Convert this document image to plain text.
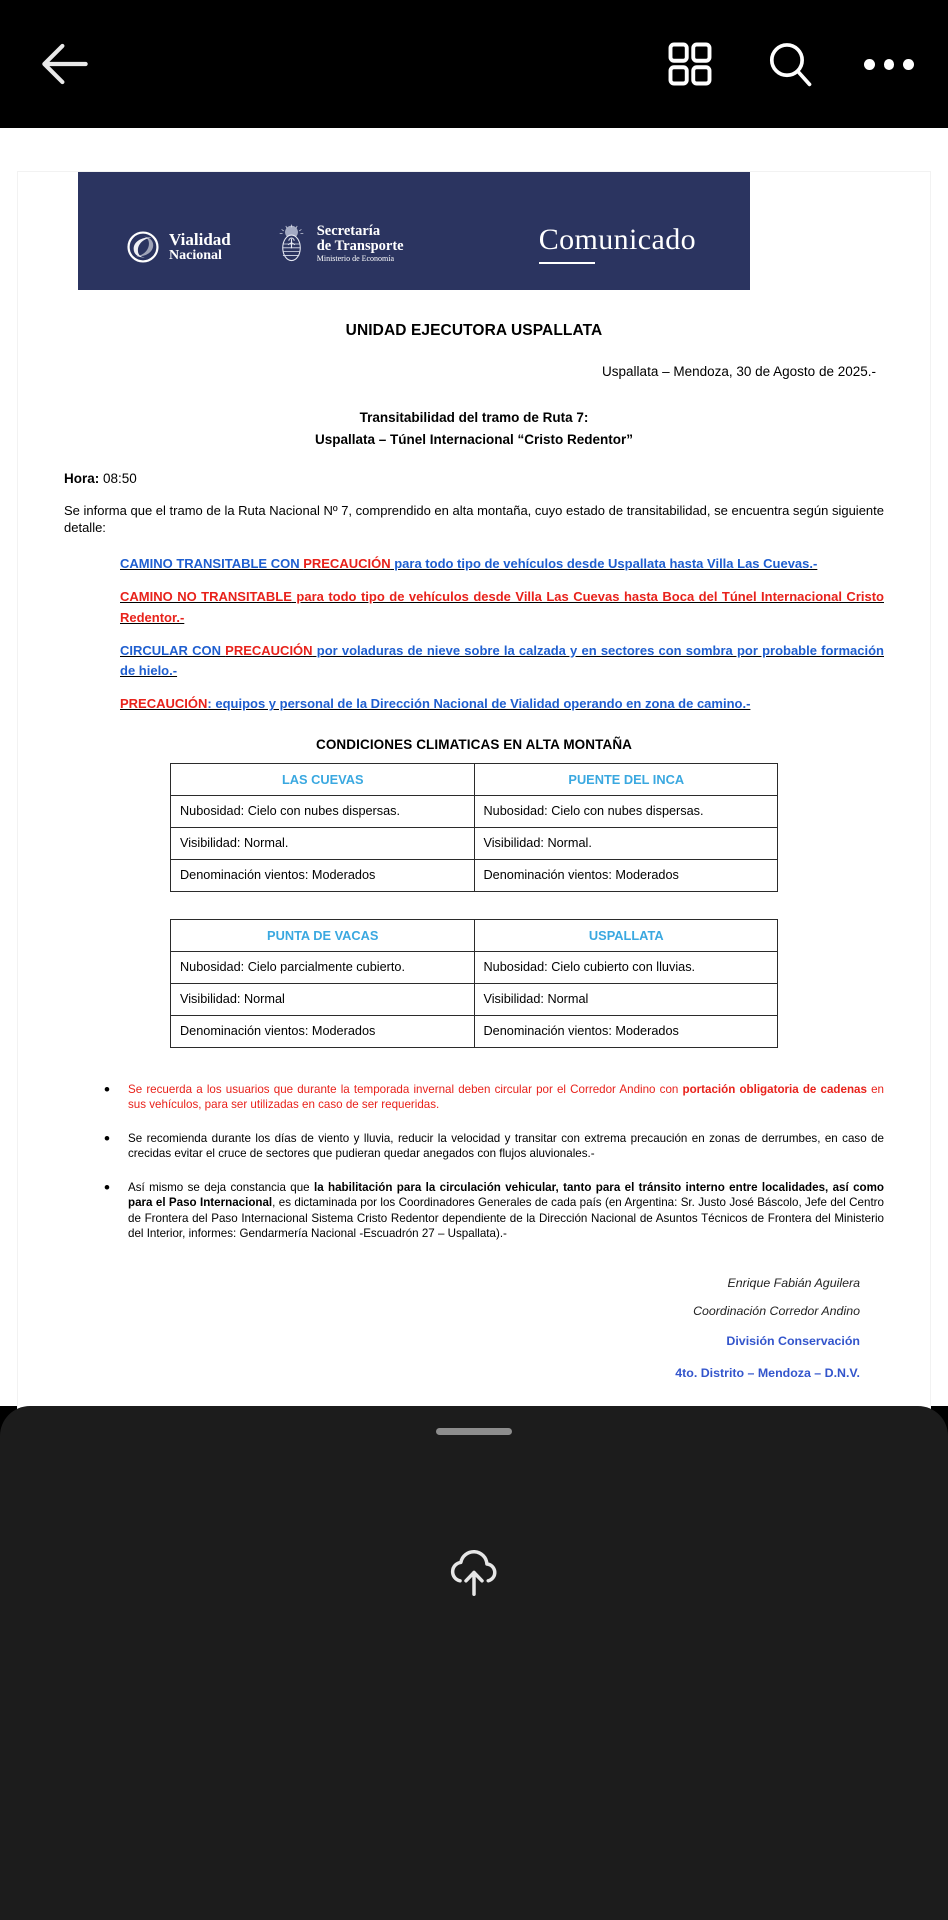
Vialidad
Nacional
Secretaría
de Transporte
Ministerio de Economía
Comunicado
UNIDAD EJECUTORA USPALLATA
Uspallata – Mendoza, 30 de Agosto de 2025.-
Transitabilidad del tramo de Ruta 7:
Uspallata – Túnel Internacional “Cristo Redentor”
Hora: 08:50
Se informa que el tramo de la Ruta Nacional Nº 7, comprendido en alta montaña, cuyo estado de transitabilidad, se encuentra según siguiente detalle:
CAMINO TRANSITABLE CON PRECAUCIÓN para todo tipo de vehículos desde Uspallata hasta Villa Las Cuevas.-
CAMINO NO TRANSITABLE para todo tipo de vehículos desde Villa Las Cuevas hasta Boca del Túnel Internacional Cristo Redentor.-
CIRCULAR CON PRECAUCIÓN por voladuras de nieve sobre la calzada y en sectores con sombra por probable formación de hielo.-
PRECAUCIÓN: equipos y personal de la Dirección Nacional de Vialidad operando en zona de camino.-
CONDICIONES CLIMATICAS EN ALTA MONTAÑA
LAS CUEVAS	PUENTE DEL INCA
Nubosidad: Cielo con nubes dispersas.	Nubosidad: Cielo con nubes dispersas.
Visibilidad: Normal.	Visibilidad: Normal.
Denominación vientos: Moderados	Denominación vientos: Moderados
PUNTA DE VACAS	USPALLATA
Nubosidad: Cielo parcialmente cubierto.	Nubosidad: Cielo cubierto con lluvias.
Visibilidad: Normal	Visibilidad: Normal
Denominación vientos: Moderados	Denominación vientos: Moderados
• Se recuerda a los usuarios que durante la temporada invernal deben circular por el Corredor Andino con portación obligatoria de cadenas en sus vehículos, para ser utilizadas en caso de ser requeridas.
• Se recomienda durante los días de viento y lluvia, reducir la velocidad y transitar con extrema precaución en zonas de derrumbes, en caso de crecidas evitar el cruce de sectores que pudieran quedar anegados con flujos aluvionales.-
• Así mismo se deja constancia que la habilitación para la circulación vehicular, tanto para el tránsito interno entre localidades, así como para el Paso Internacional, es dictaminada por los Coordinadores Generales de cada país (en Argentina: Sr. Justo José Báscolo, Jefe del Centro de Frontera del Paso Internacional Sistema Cristo Redentor dependiente de la Dirección Nacional de Asuntos Técnicos de Frontera del Ministerio del Interior, informes: Gendarmería Nacional -Escuadrón 27 – Uspallata).-
Enrique Fabián Aguilera
Coordinación Corredor Andino
División Conservación
4to. Distrito – Mendoza – D.N.V.
